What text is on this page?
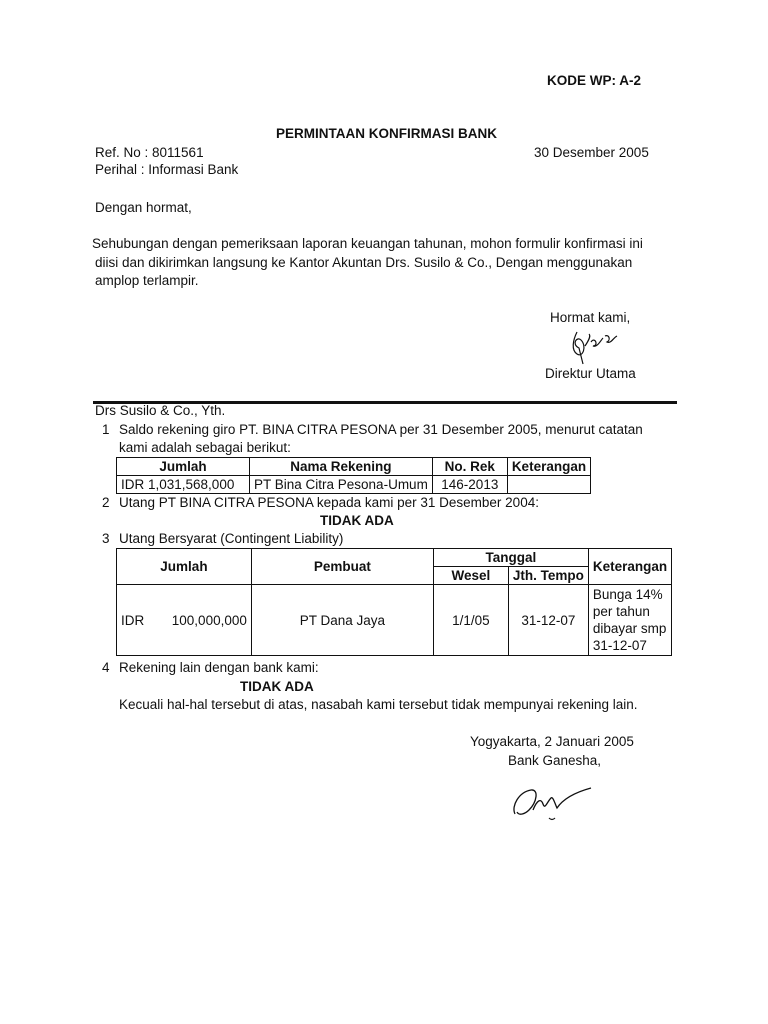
KODE WP: A-2
PERMINTAAN KONFIRMASI BANK
Ref. No : 8011561	30 Desember 2005
Perihal : Informasi Bank
Dengan hormat,
Sehubungan dengan pemeriksaan laporan keuangan tahunan, mohon formulir konfirmasi ini
diisi dan dikirimkan langsung ke Kantor Akuntan Drs. Susilo & Co., Dengan menggunakan
amplop terlampir.
Hormat kami,
Direktur Utama
Drs Susilo & Co., Yth.
1 Saldo rekening giro PT. BINA CITRA PESONA per 31 Desember 2005, menurut catatan
kami adalah sebagai berikut:
Jumlah	Nama Rekening	No. Rek	Keterangan
IDR 1,031,568,000	PT Bina Citra Pesona-Umum	146-2013	
2 Utang PT BINA CITRA PESONA kepada kami per 31 Desember 2004:
TIDAK ADA
3 Utang Bersyarat (Contingent Liability)
Jumlah	Pembuat	Tanggal		Keterangan
		Wesel	Jth. Tempo	
IDR 100,000,000	PT Dana Jaya	1/1/05	31-12-07	Bunga 14%
per tahun
dibayar smp
31-12-07
4 Rekening lain dengan bank kami:
TIDAK ADA
Kecuali hal-hal tersebut di atas, nasabah kami tersebut tidak mempunyai rekening lain.
Yogyakarta, 2 Januari 2005
Bank Ganesha,
